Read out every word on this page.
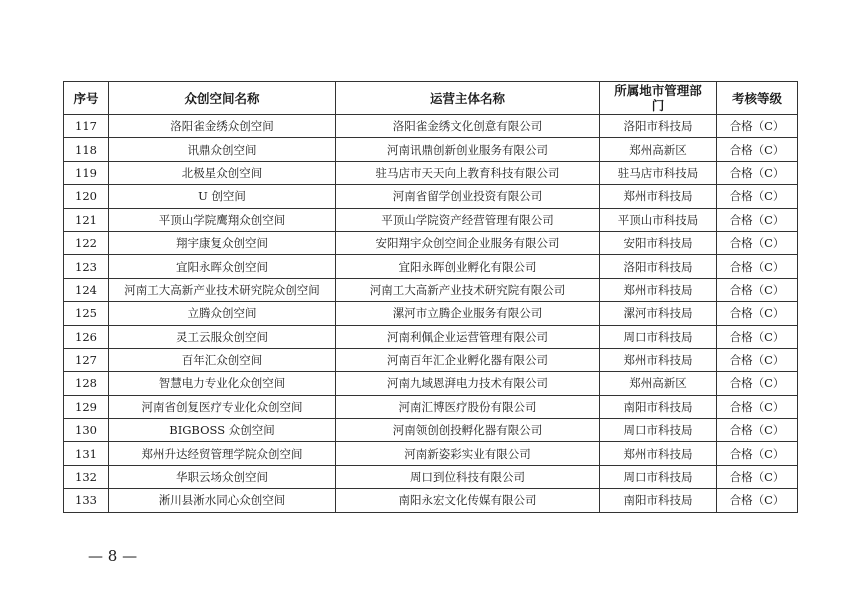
序号	众创空间名称	运营主体名称	所属地市管理部门	考核等级
117	洛阳雀金绣众创空间	洛阳雀金绣文化创意有限公司	洛阳市科技局	合格（C）
118	讯鼎众创空间	河南讯鼎创新创业服务有限公司	郑州高新区	合格（C）
119	北极星众创空间	驻马店市天天向上教育科技有限公司	驻马店市科技局	合格（C）
120	U 创空间	河南省留学创业投资有限公司	郑州市科技局	合格（C）
121	平顶山学院鹰翔众创空间	平顶山学院资产经营管理有限公司	平顶山市科技局	合格（C）
122	翔宇康复众创空间	安阳翔宇众创空间企业服务有限公司	安阳市科技局	合格（C）
123	宜阳永晖众创空间	宜阳永晖创业孵化有限公司	洛阳市科技局	合格（C）
124	河南工大高新产业技术研究院众创空间	河南工大高新产业技术研究院有限公司	郑州市科技局	合格（C）
125	立腾众创空间	漯河市立腾企业服务有限公司	漯河市科技局	合格（C）
126	灵工云服众创空间	河南利佩企业运营管理有限公司	周口市科技局	合格（C）
127	百年汇众创空间	河南百年汇企业孵化器有限公司	郑州市科技局	合格（C）
128	智慧电力专业化众创空间	河南九域恩湃电力技术有限公司	郑州高新区	合格（C）
129	河南省创复医疗专业化众创空间	河南汇博医疗股份有限公司	南阳市科技局	合格（C）
130	BIGBOSS 众创空间	河南领创创投孵化器有限公司	周口市科技局	合格（C）
131	郑州升达经贸管理学院众创空间	河南新姿彩实业有限公司	郑州市科技局	合格（C）
132	华职云场众创空间	周口到位科技有限公司	周口市科技局	合格（C）
133	淅川县淅水同心众创空间	南阳永宏文化传媒有限公司	南阳市科技局	合格（C）
— 8 —
